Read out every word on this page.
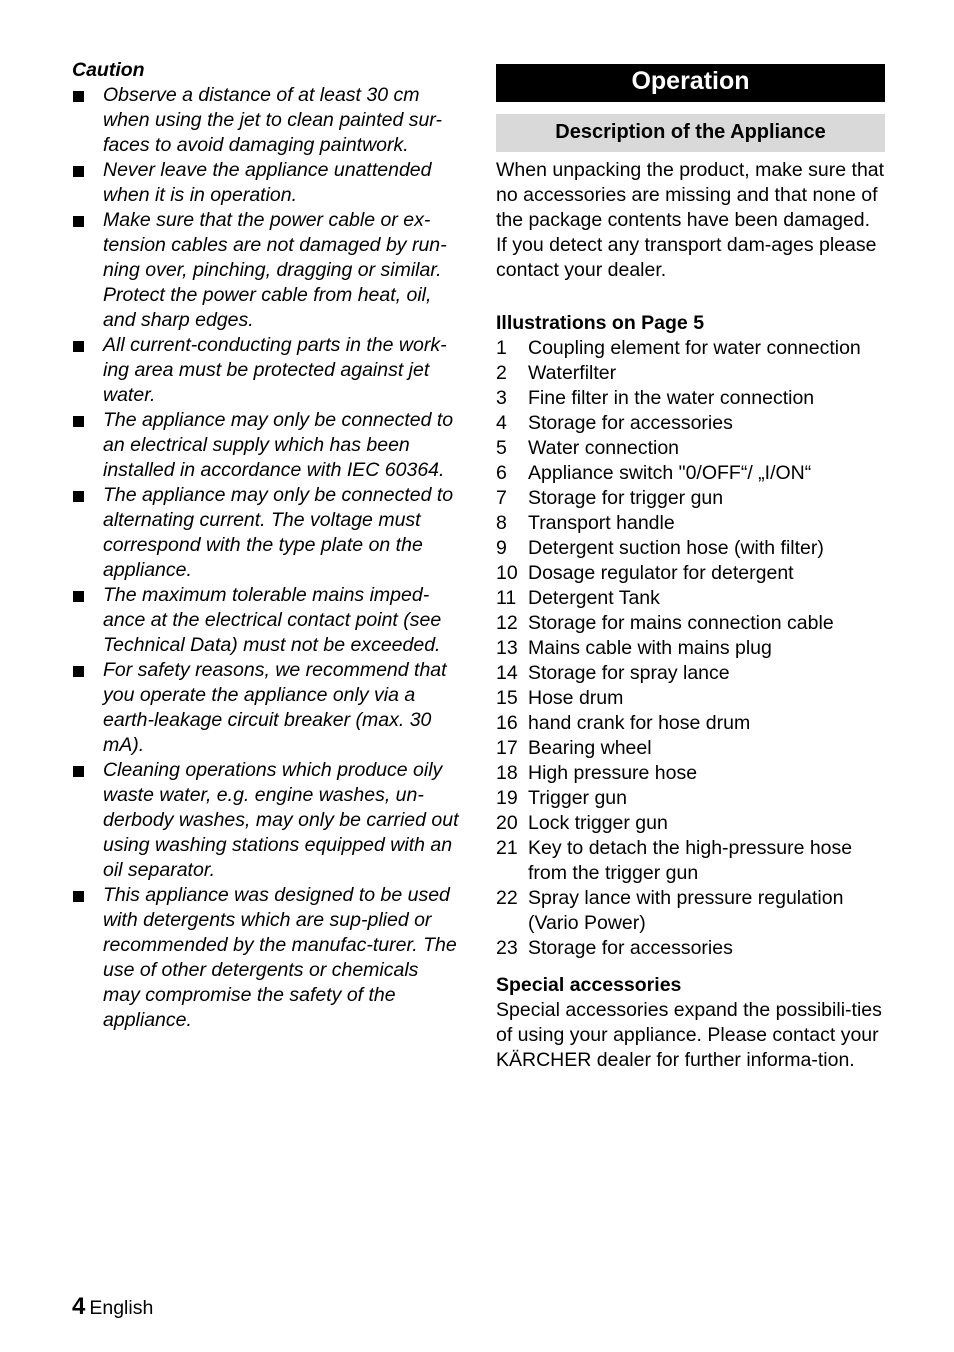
Caution

Observe a distance of at least 30 cm when using the jet to clean painted sur-faces to avoid damaging paintwork.
Never leave the appliance unattended when it is in operation.
Make sure that the power cable or ex-tension cables are not damaged by run-ning over, pinching, dragging or similar. Protect the power cable from heat, oil, and sharp edges.
All current-conducting parts in the work-ing area must be protected against jet water.
The appliance may only be connected to an electrical supply which has been installed in accordance with IEC 60364.
The appliance may only be connected to alternating current. The voltage must correspond with the type plate on the appliance.
The maximum tolerable mains imped-ance at the electrical contact point (see Technical Data) must not be exceeded.
For safety reasons, we recommend that you operate the appliance only via a earth-leakage circuit breaker (max. 30 mA).
Cleaning operations which produce oily waste water, e.g. engine washes, un-derbody washes, may only be carried out using washing stations equipped with an oil separator.
This appliance was designed to be used with detergents which are sup-plied or recommended by the manufac-turer. The use of other detergents or chemicals may compromise the safety of the appliance.
Operation
Description of the Appliance

When unpacking the product, make sure that no accessories are missing and that none of the package contents have been damaged. If you detect any transport dam-ages please contact your dealer.

Illustrations on Page 5

1 Coupling element for water connection
2 Waterfilter
3 Fine filter in the water connection
4 Storage for accessories
5 Water connection
6 Appliance switch "0/OFF“/ „I/ON“
7 Storage for trigger gun
8 Transport handle
9 Detergent suction hose (with filter)
10 Dosage regulator for detergent
11 Detergent Tank
12 Storage for mains connection cable
13 Mains cable with mains plug
14 Storage for spray lance
15 Hose drum
16 hand crank for hose drum
17 Bearing wheel
18 High pressure hose
19 Trigger gun
20 Lock trigger gun
21 Key to detach the high-pressure hose from the trigger gun
22 Spray lance with pressure regulation (Vario Power)
23 Storage for accessories

Special accessories

Special accessories expand the possibili-ties of using your appliance. Please contact your KÄRCHER dealer for further informa-tion.

4 English
